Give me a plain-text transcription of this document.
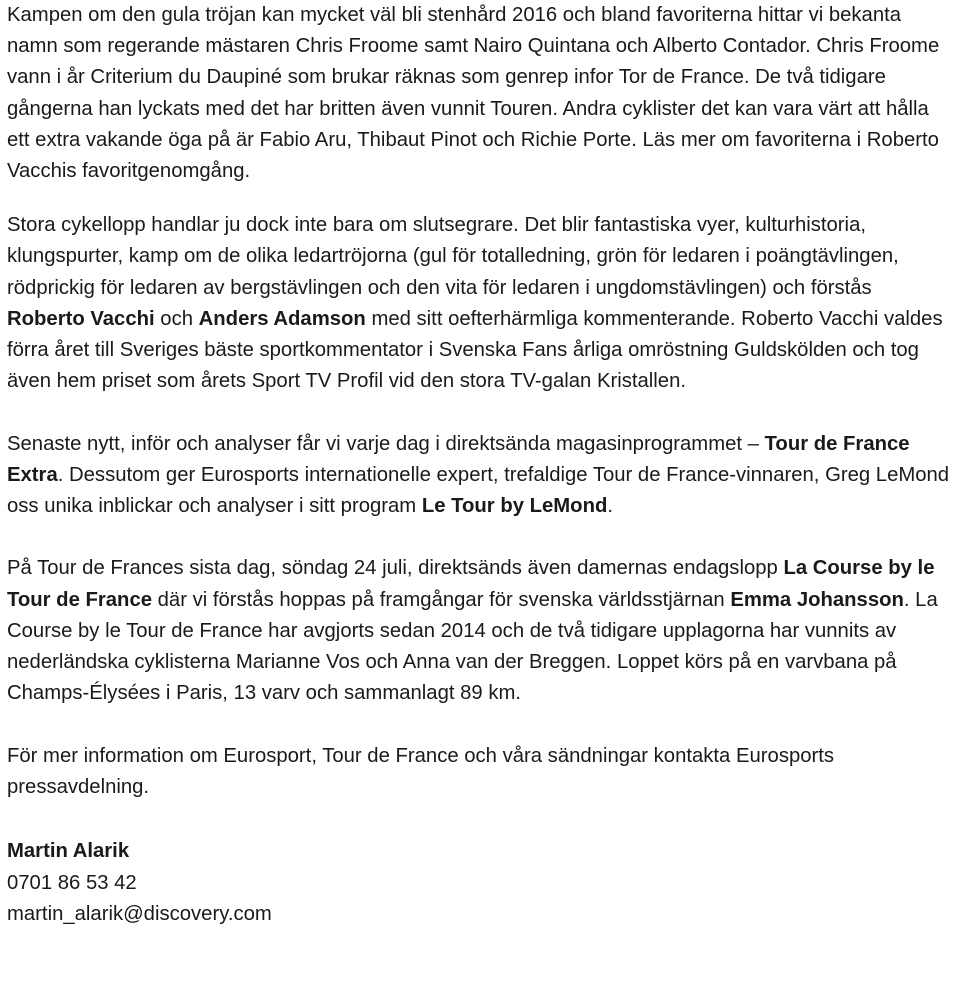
Kampen om den gula tröjan kan mycket väl bli stenhård 2016 och bland favoriterna hittar vi bekanta namn som regerande mästaren Chris Froome samt Nairo Quintana och Alberto Contador. Chris Froome vann i år Criterium du Daupiné som brukar räknas som genrep infor Tor de France. De två tidigare gångerna han lyckats med det har britten även vunnit Touren. Andra cyklister det kan vara värt att hålla ett extra vakande öga på är Fabio Aru, Thibaut Pinot och Richie Porte. Läs mer om favoriterna i Roberto Vacchis favoritgenomgång.

Stora cykellopp handlar ju dock inte bara om slutsegrare. Det blir fantastiska vyer, kulturhistoria, klungspurter, kamp om de olika ledartröjorna (gul för totalledning, grön för ledaren i poängtävlingen, rödprickig för ledaren av bergstävlingen och den vita för ledaren i ungdomstävlingen) och förstås Roberto Vacchi och Anders Adamson med sitt oefterhärmliga kommenterande. Roberto Vacchi valdes förra året till Sveriges bäste sportkommentator i Svenska Fans årliga omröstning Guldskölden och tog även hem priset som årets Sport TV Profil vid den stora TV-galan Kristallen.

Senaste nytt, inför och analyser får vi varje dag i direktsända magasinprogrammet – Tour de France Extra. Dessutom ger Eurosports internationelle expert, trefaldige Tour de France-vinnaren, Greg LeMond oss unika inblickar och analyser i sitt program Le Tour by LeMond.

På Tour de Frances sista dag, söndag 24 juli, direktsänds även damernas endagslopp La Course by le Tour de France där vi förstås hoppas på framgångar för svenska världsstjärnan Emma Johansson. La Course by le Tour de France har avgjorts sedan 2014 och de två tidigare upplagorna har vunnits av nederländska cyklisterna Marianne Vos och Anna van der Breggen. Loppet körs på en varvbana på Champs-Élysées i Paris, 13 varv och sammanlagt 89 km.

För mer information om Eurosport, Tour de France och våra sändningar kontakta Eurosports pressavdelning.

Martin Alarik

0701 86 53 42

martin_alarik@discovery.com
